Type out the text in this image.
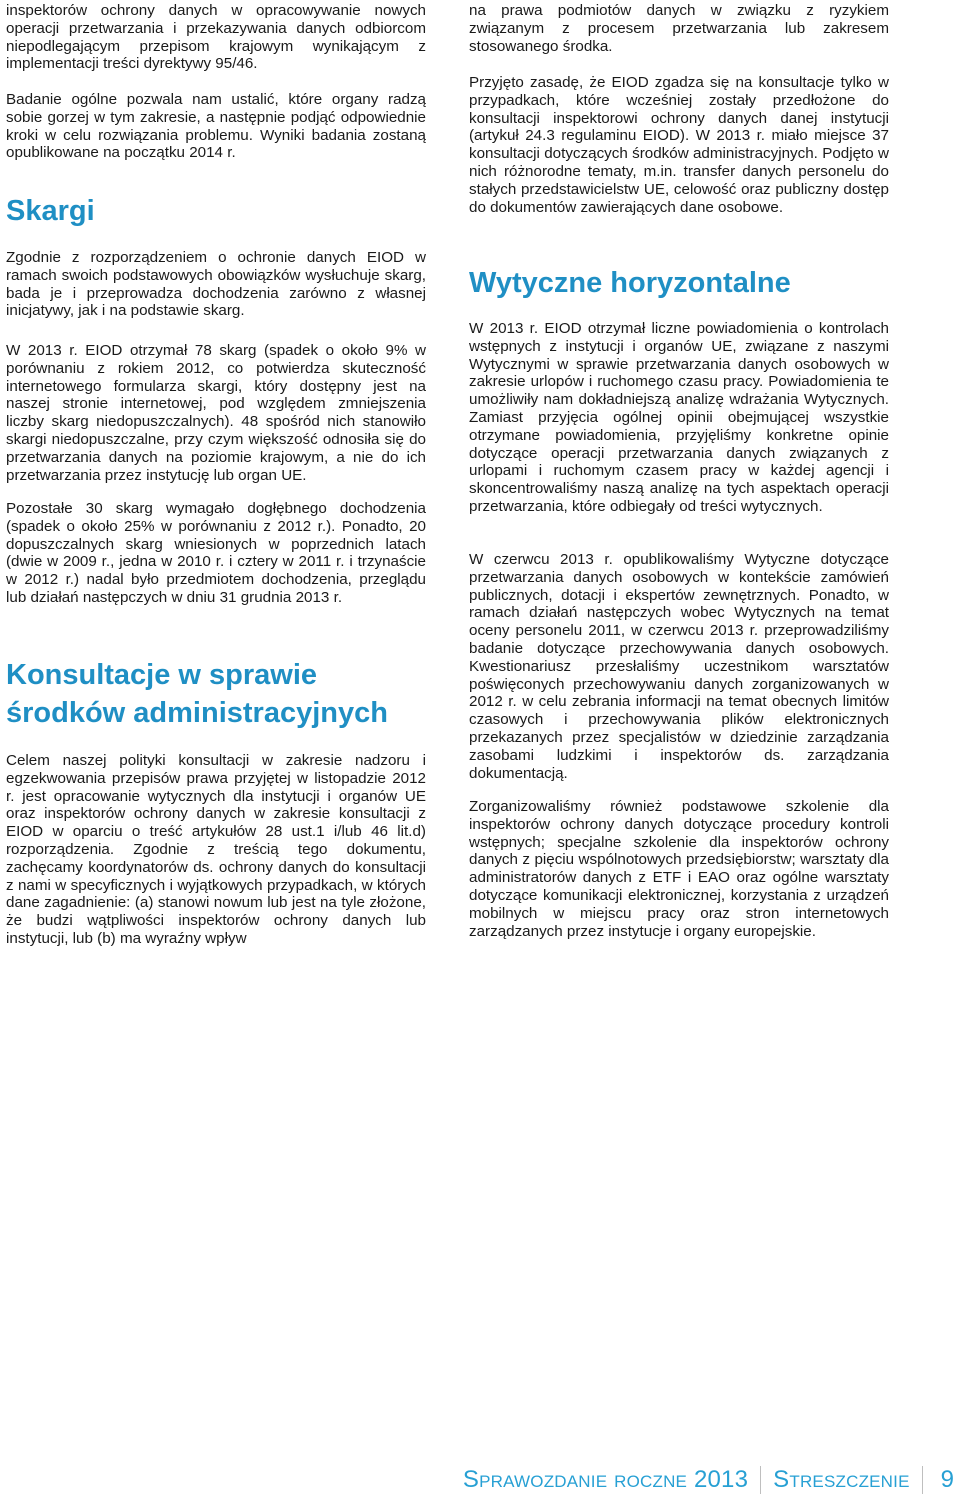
inspektorów ochrony danych w opracowywanie nowych operacji przetwarzania i przekazywania danych odbiorcom niepodlegającym przepisom krajowym wynikającym z implementacji treści dyrektywy 95/46.

Badanie ogólne pozwala nam ustalić, które organy radzą sobie gorzej w tym zakresie, a następnie podjąć odpowiednie kroki w celu rozwiązania problemu. Wyniki badania zostaną opublikowane na początku 2014 r.

Skargi

Zgodnie z rozporządzeniem o ochronie danych EIOD w ramach swoich podstawowych obowiązków wysłuchuje skarg, bada je i przeprowadza dochodzenia zarówno z własnej inicjatywy, jak i na podstawie skarg.

W 2013 r. EIOD otrzymał 78 skarg (spadek o około 9% w porównaniu z rokiem 2012, co potwierdza skuteczność internetowego formularza skargi, który dostępny jest na naszej stronie internetowej, pod względem zmniejszenia liczby skarg niedopuszczalnych). 48 spośród nich stanowiło skargi niedopuszczalne, przy czym większość odnosiła się do przetwarzania danych na poziomie krajowym, a nie do ich przetwarzania przez instytucję lub organ UE.

Pozostałe 30 skarg wymagało dogłębnego dochodzenia (spadek o około 25% w porównaniu z 2012 r.). Ponadto, 20 dopuszczalnych skarg wniesionych w poprzednich latach (dwie w 2009 r., jedna w 2010 r. i cztery w 2011 r. i trzynaście w 2012 r.) nadal było przedmiotem dochodzenia, przeglądu lub działań następczych w dniu 31 grudnia 2013 r.

Konsultacje w sprawie
środków administracyjnych

Celem naszej polityki konsultacji w zakresie nadzoru i egzekwowania przepisów prawa przyjętej w listopadzie 2012 r. jest opracowanie wytycznych dla instytucji i organów UE oraz inspektorów ochrony danych w zakresie konsultacji z EIOD w oparciu o treść artykułów 28 ust.1 i/lub 46 lit.d) rozporządzenia. Zgodnie z treścią tego dokumentu, zachęcamy koordynatorów ds. ochrony danych do konsultacji z nami w specyficznych i wyjątkowych przypadkach, w których dane zagadnienie: (a) stanowi nowum lub jest na tyle złożone, że budzi wątpliwości inspektorów ochrony danych lub instytucji, lub (b) ma wyraźny wpływ

na prawa podmiotów danych w związku z ryzykiem związanym z procesem przetwarzania lub zakresem stosowanego środka.

Przyjęto zasadę, że EIOD zgadza się na konsultacje tylko w przypadkach, które wcześniej zostały przedłożone do konsultacji inspektorowi ochrony danych danej instytucji (artykuł 24.3 regulaminu EIOD). W 2013 r. miało miejsce 37 konsultacji dotyczących środków administracyjnych. Podjęto w nich różnorodne tematy, m.in. transfer danych personelu do stałych przedstawicielstw UE, celowość oraz publiczny dostęp do dokumentów zawierających dane osobowe.

Wytyczne horyzontalne

W 2013 r. EIOD otrzymał liczne powiadomienia o kontrolach wstępnych z instytucji i organów UE, związane z naszymi Wytycznymi w sprawie przetwarzania danych osobowych w zakresie urlopów i ruchomego czasu pracy. Powiadomienia te umożliwiły nam dokładniejszą analizę wdrażania Wytycznych. Zamiast przyjęcia ogólnej opinii obejmującej wszystkie otrzymane powiadomienia, przyjęliśmy konkretne opinie dotyczące operacji przetwarzania danych związanych z urlopami i ruchomym czasem pracy w każdej agencji i skoncentrowaliśmy naszą analizę na tych aspektach operacji przetwarzania, które odbiegały od treści wytycznych.

W czerwcu 2013 r. opublikowaliśmy Wytyczne dotyczące przetwarzania danych osobowych w kontekście zamówień publicznych, dotacji i ekspertów zewnętrznych. Ponadto, w ramach działań następczych wobec Wytycznych na temat oceny personelu 2011, w czerwcu 2013 r. przeprowadziliśmy badanie dotyczące przechowywania danych osobowych. Kwestionariusz przesłaliśmy uczestnikom warsztatów poświęconych przechowywaniu danych zorganizowanych w 2012 r. w celu zebrania informacji na temat obecnych limitów czasowych i przechowywania plików elektronicznych przekazanych przez specjalistów w dziedzinie zarządzania zasobami ludzkimi i inspektorów ds. zarządzania dokumentacją.

Zorganizowaliśmy również podstawowe szkolenie dla inspektorów ochrony danych dotyczące procedury kontroli wstępnych; specjalne szkolenie dla inspektorów ochrony danych z pięciu wspólnotowych przedsiębiorstw; warsztaty dla administratorów danych z ETF i EAO oraz ogólne warsztaty dotyczące komunikacji elektronicznej, korzystania z urządzeń mobilnych w miejscu pracy oraz stron internetowych zarządzanych przez instytucje i organy europejskie.

Sprawozdanie roczne 2013 Streszczenie 9
